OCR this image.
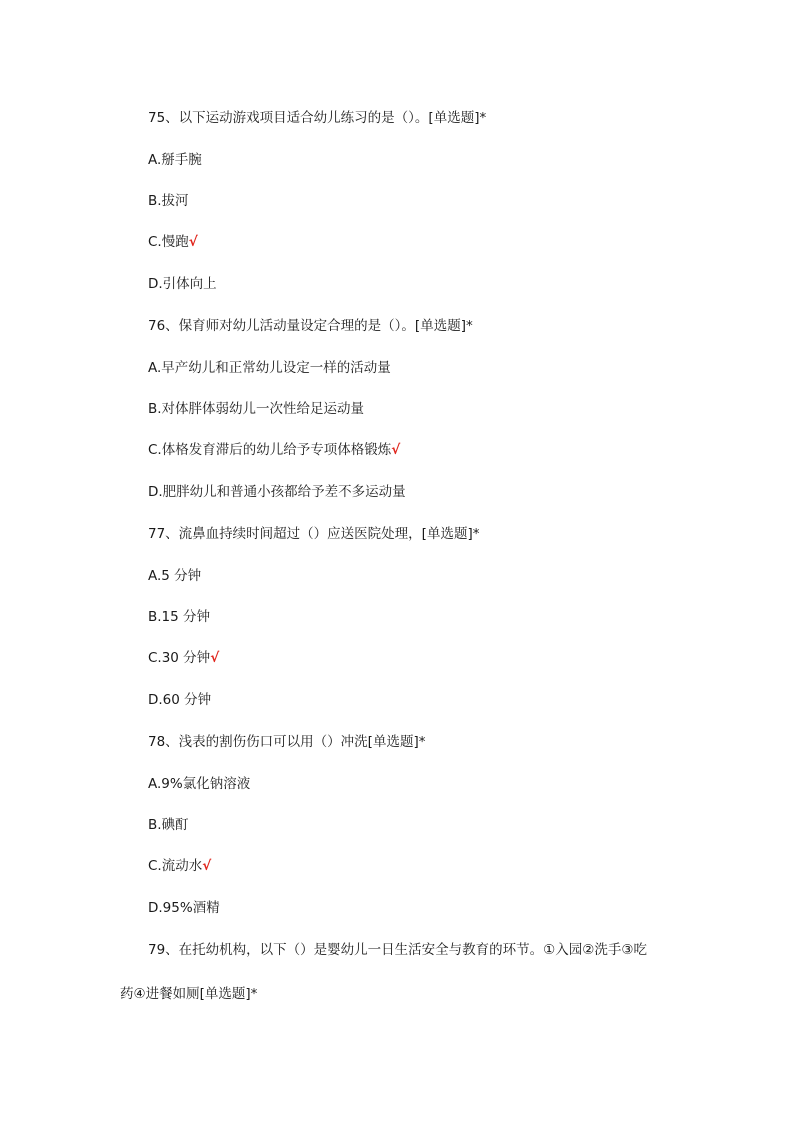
75、以下运动游戏项目适合幼儿练习的是（）。[单选题]*
A.掰手腕
B.拔河
C.慢跑√
D.引体向上
76、保育师对幼儿活动量设定合理的是（）。[单选题]*
A.早产幼儿和正常幼儿设定一样的活动量
B.对体胖体弱幼儿一次性给足运动量
C.体格发育滞后的幼儿给予专项体格锻炼√
D.肥胖幼儿和普通小孩都给予差不多运动量
77、流鼻血持续时间超过（）应送医院处理，[单选题]*
A.5 分钟
B.15 分钟
C.30 分钟√
D.60 分钟
78、浅表的割伤伤口可以用（）冲洗[单选题]*
A.9%氯化钠溶液
B.碘酊
C.流动水√
D.95%酒精
79、在托幼机构，以下（）是婴幼儿一日生活安全与教育的环节。①入园②洗手③吃
药④进餐如厕[单选题]*
